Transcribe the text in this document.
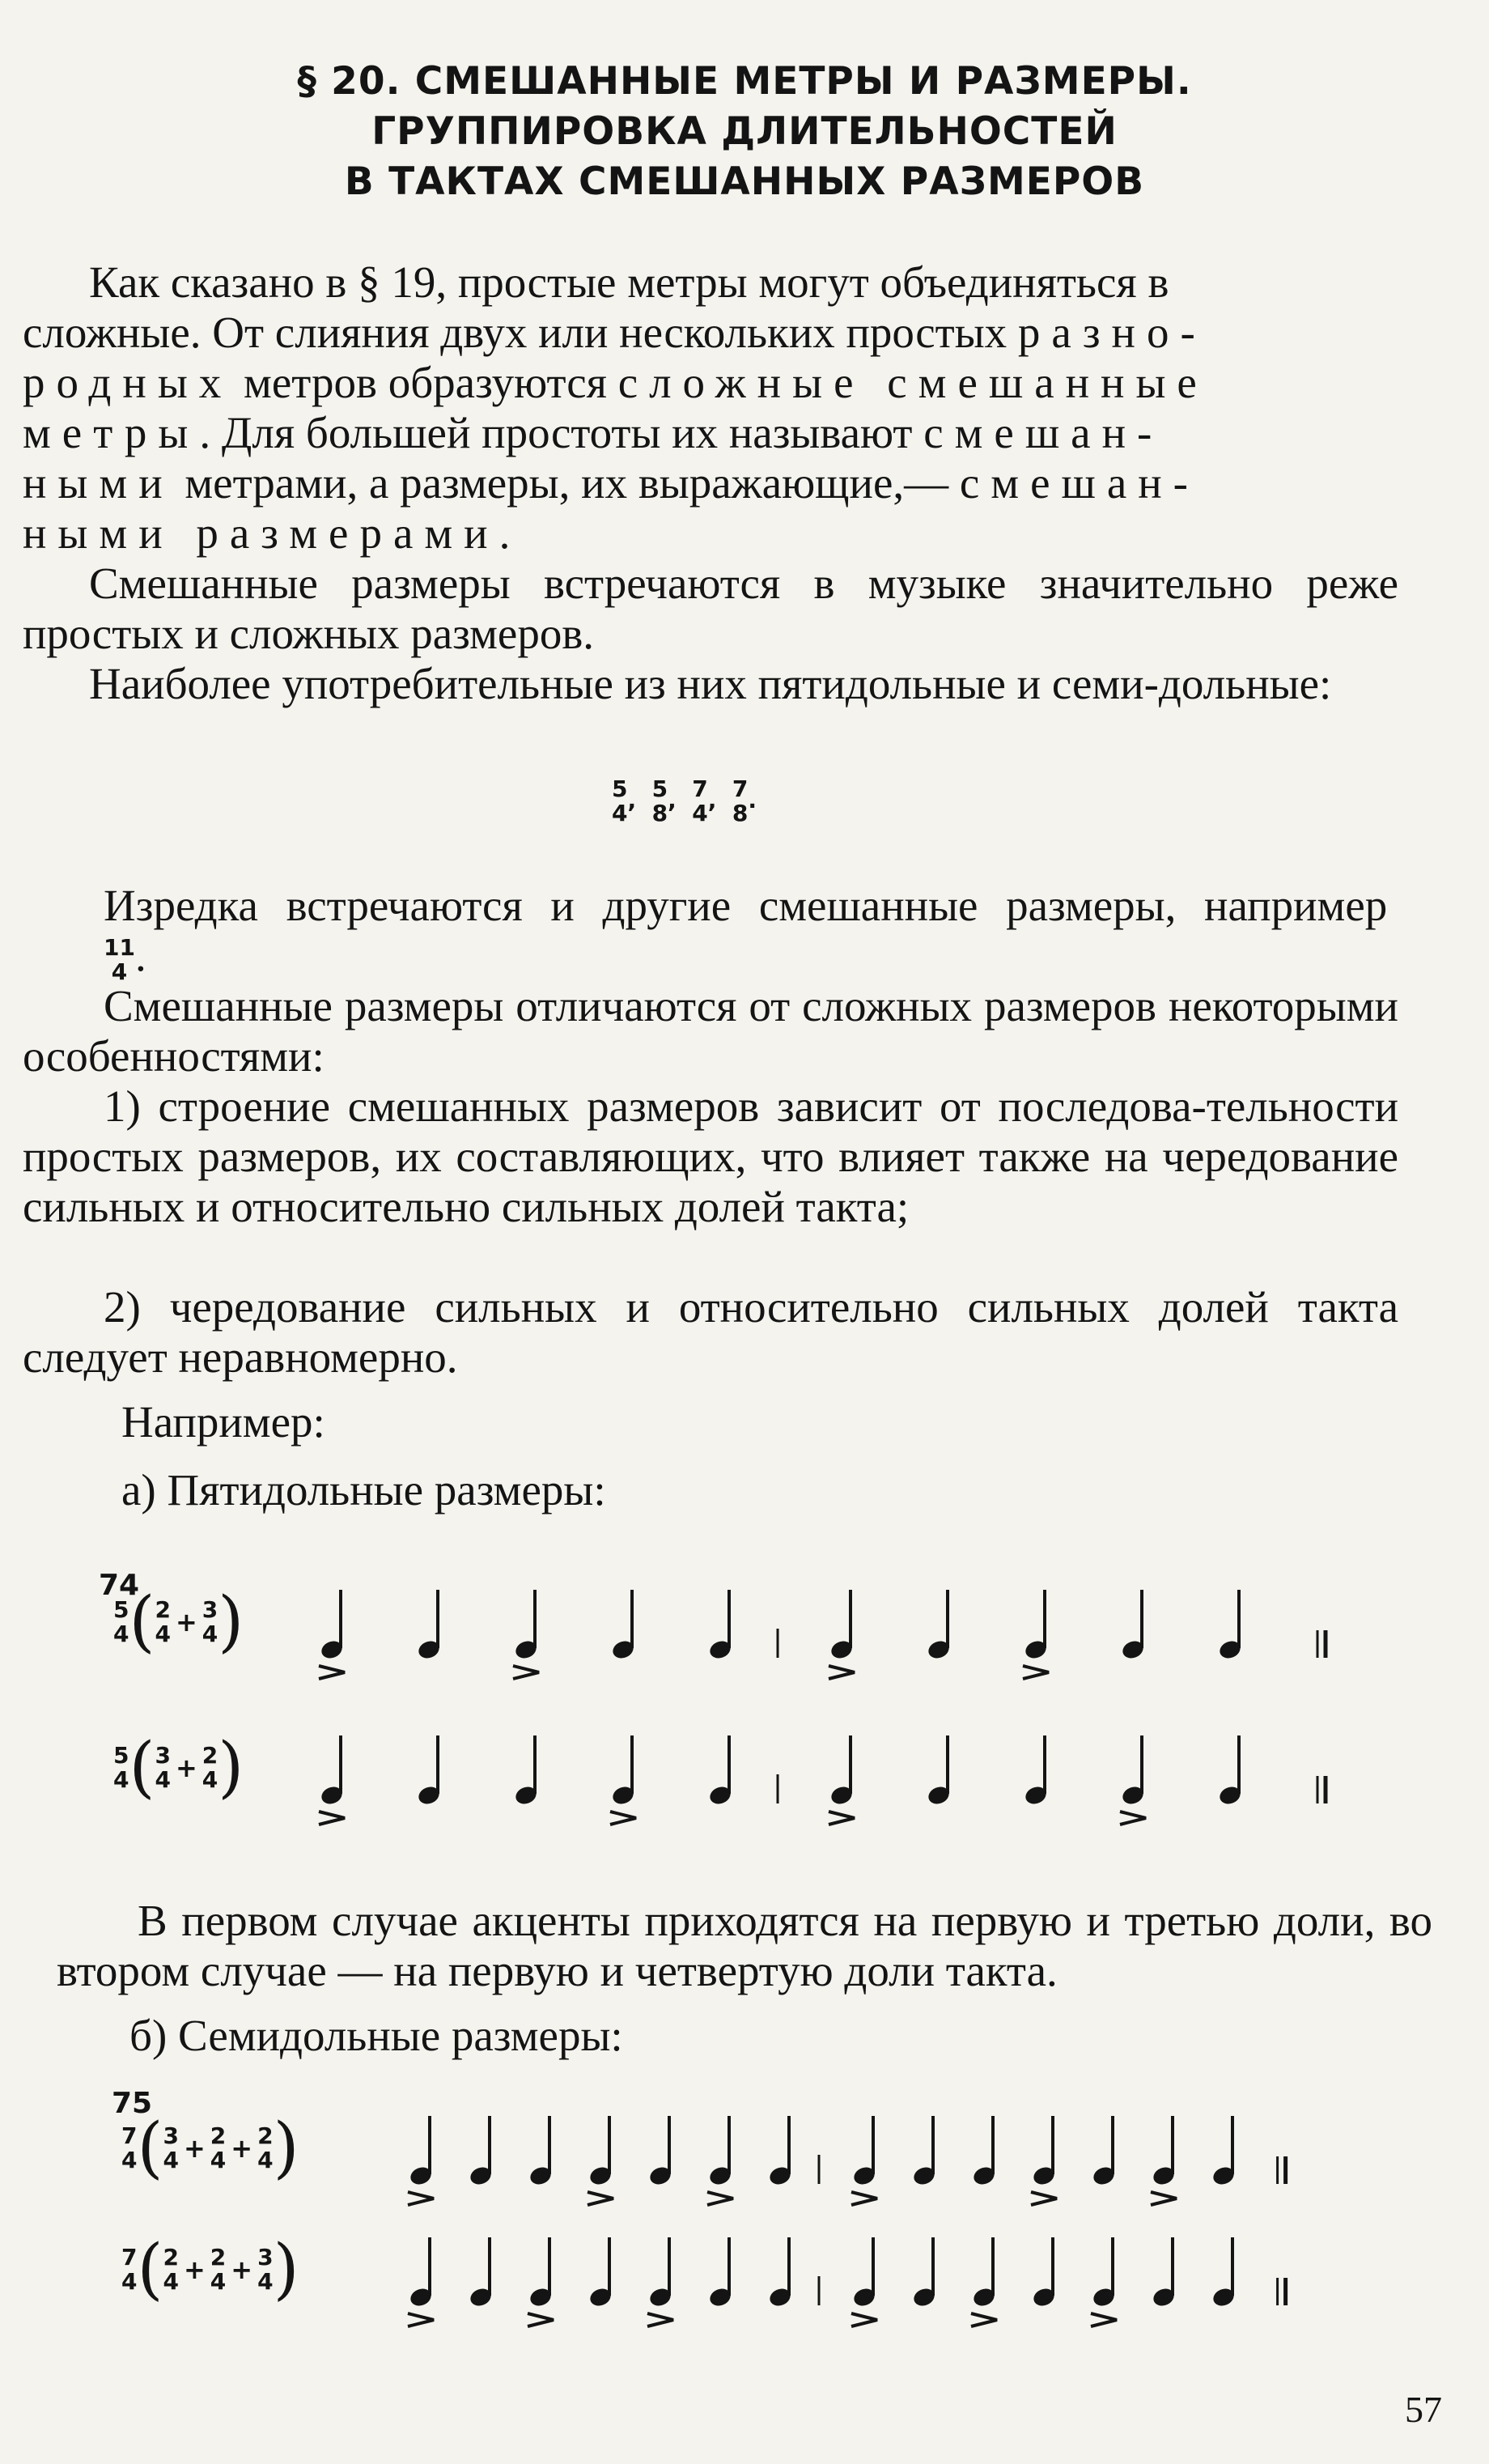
§ 20. СМЕШАННЫЕ МЕТРЫ И РАЗМЕРЫ.
ГРУППИРОВКА ДЛИТЕЛЬНОСТЕЙ
В ТАКТАХ СМЕШАННЫХ РАЗМЕРОВ
Как сказано в § 19, простые метры могут объединяться в
сложные. От слияния двух или нескольких простых разно-
родных метров образуются сложные смешанные
метры. Для большей простоты их называют смешан-
ными метрами, а размеры, их выражающие,— смешан-
ными размерами.
Смешанные размеры встречаются в музыке значительно реже простых и сложных размеров.
Наиболее употребительные из них пятидольные и семи-дольные:
5
4 , 5
8 , 7
4 , 7
8 .
Изредка встречаются и другие смешанные размеры, например
11
4 .
Смешанные размеры отличаются от сложных размеров некоторыми особенностями:
1) строение смешанных размеров зависит от последова-тельности простых размеров, их составляющих, что влияет также на чередование сильных и относительно сильных долей такта;
2) чередование сильных и относительно сильных долей такта следует неравномерно.
Например:
а) Пятидольные размеры:
74
5
4 ( 2
4 + 3
4 )
5
4 ( 3
4 + 2
4 )
В первом случае акценты приходятся на первую и третью доли, во втором случае — на первую и четвертую доли такта.
б) Семидольные размеры:
75
7
4 ( 3
4 + 2
4 + 2
4 )
7
4 ( 2
4 + 2
4 + 3
4 )
57
